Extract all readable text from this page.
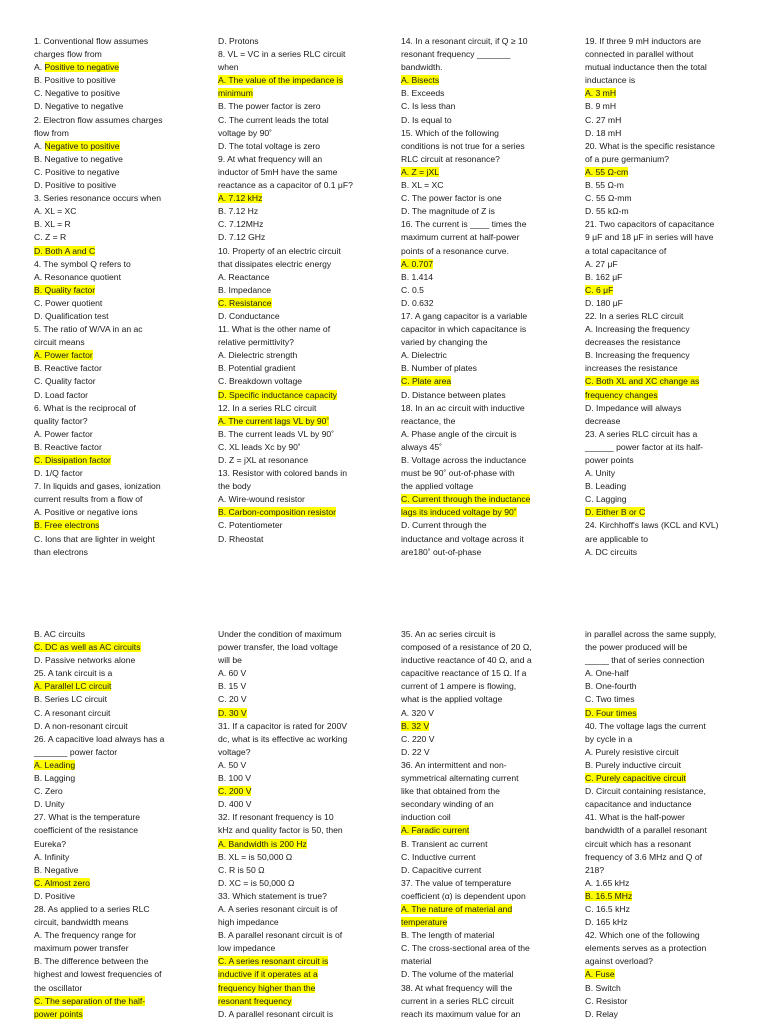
1. Conventional flow assumes
charges flow from
A. Positive to negative
B. Positive to positive
C. Negative to positive
D. Negative to negative
2. Electron flow assumes charges
flow from
A. Negative to positive
B. Negative to negative
C. Positive to negative
D. Positive to positive
3. Series resonance occurs when
A. XL = XC
B. XL = R
C. Z = R
D. Both A and C
4. The symbol Q refers to
A. Resonance quotient
B. Quality factor
C. Power quotient
D. Qualification test
5. The ratio of W/VA in an ac
circuit means
A. Power factor
B. Reactive factor
C. Quality factor
D. Load factor
6. What is the reciprocal of
quality factor?
A. Power factor
B. Reactive factor
C. Dissipation factor
D. 1/Q factor
7. In liquids and gases, ionization
current results from a flow of
A. Positive or negative ions
B. Free electrons
C. Ions that are lighter in weight
than electrons
D. Protons
8. VL = VC in a series RLC circuit
when
A. The value of the impedance is
minimum
B. The power factor is zero
C. The current leads the total
voltage by 90˚
D. The total voltage is zero
9. At what frequency will an
inductor of 5mH have the same
reactance as a capacitor of 0.1 μF?
A. 7.12 kHz
B. 7.12 Hz
C. 7.12MHz
D. 7.12 GHz
10. Property of an electric circuit
that dissipates electric energy
A. Reactance
B. Impedance
C. Resistance
D. Conductance
11. What is the other name of
relative permittivity?
A. Dielectric strength
B. Potential gradient
C. Breakdown voltage
D. Specific inductance capacity
12. In a series RLC circuit
A. The current lags VL by 90˚
B. The current leads VL by 90˚
C. XL leads Xc by 90˚
D. Z = jXL at resonance
13. Resistor with colored bands in
the body
A. Wire-wound resistor
B. Carbon-composition resistor
C. Potentiometer
D. Rheostat
14. In a resonant circuit, if Q ≥ 10
resonant frequency _______
bandwidth.
A. Bisects
B. Exceeds
C. Is less than
D. Is equal to
15. Which of the following
conditions is not true for a series
RLC circuit at resonance?
A. Z = jXL
B. XL = XC
C. The power factor is one
D. The magnitude of Z is
16. The current is ____ times the
maximum current at half-power
points of a resonance curve.
A. 0.707
B. 1.414
C. 0.5
D. 0.632
17. A gang capacitor is a variable
capacitor in which capacitance is
varied by changing the
A. Dielectric
B. Number of plates
C. Plate area
D. Distance between plates
18. In an ac circuit with inductive
reactance, the
A. Phase angle of the circuit is
always 45˚
B. Voltage across the inductance
must be 90˚ out-of-phase with
the applied voltage
C. Current through the inductance
lags its induced voltage by 90˚
D. Current through the
inductance and voltage across it
are180˚ out-of-phase
19. If three 9 mH inductors are
connected in parallel without
mutual inductance then the total
inductance is
A. 3 mH
B. 9 mH
C. 27 mH
D. 18 mH
20. What is the specific resistance
of a pure germanium?
A. 55 Ω-cm
B. 55 Ω-m
C. 55 Ω-mm
D. 55 kΩ-m
21. Two capacitors of capacitance
9 μF and 18 μF in series will have
a total capacitance of
A. 27 μF
B. 162 μF
C. 6 μF
D. 180 μF
22. In a series RLC circuit
A. Increasing the frequency
decreases the resistance
B. Increasing the frequency
increases the resistance
C. Both XL and XC change as
frequency changes
D. Impedance will always
decrease
23. A series RLC circuit has a
______ power factor at its half-
power points
A. Unity
B. Leading
C. Lagging
D. Either B or C
24. Kirchhoff's laws (KCL and KVL)
are applicable to
A. DC circuits
B. AC circuits
C. DC as well as AC circuits
D. Passive networks alone
25. A tank circuit is a
A. Parallel LC circuit
B. Series LC circuit
C. A resonant circuit
D. A non-resonant circuit
26. A capacitive load always has a
_______ power factor
A. Leading
B. Lagging
C. Zero
D. Unity
27. What is the temperature
coefficient of the resistance
Eureka?
A. Infinity
B. Negative
C. Almost zero
D. Positive
28. As applied to a series RLC
circuit, bandwidth means
A. The frequency range for
maximum power transfer
B. The difference between the
highest and lowest frequencies of
the oscillator
C. The separation of the half-
power points
Under the condition of maximum
power transfer, the load voltage
will be
A. 60 V
B. 15 V
C. 20 V
D. 30 V
31. If a capacitor is rated for 200V
dc, what is its effective ac working
voltage?
A. 50 V
B. 100 V
C. 200 V
D. 400 V
32. If resonant frequency is 10
kHz and quality factor is 50, then
A. Bandwidth is 200 Hz
B. XL = is 50,000 Ω
C. R is 50 Ω
D. XC = is 50,000 Ω
33. Which statement is true?
A. A series resonant circuit is of
high impedance
B. A parallel resonant circuit is of
low impedance
C. A series resonant circuit is
inductive if it operates at a
frequency higher than the
resonant frequency
D. A parallel resonant circuit is
35. An ac series circuit is
composed of a resistance of 20 Ω,
inductive reactance of 40 Ω, and a
capacitive reactance of 15 Ω. If a
current of 1 ampere is flowing,
what is the applied voltage
A. 320 V
B. 32 V
C. 220 V
D. 22 V
36. An intermittent and non-
symmetrical alternating current
like that obtained from the
secondary winding of an
induction coil
A. Faradic current
B. Transient ac current
C. Inductive current
D. Capacitive current
37. The value of temperature
coefficient (α) is dependent upon
A. The nature of material and
temperature
B. The length of material
C. The cross-sectional area of the
material
D. The volume of the material
38. At what frequency will the
current in a series RLC circuit
reach its maximum value for an
in parallel across the same supply,
the power produced will be
_____ that of series connection
A. One-half
B. One-fourth
C. Two times
D. Four times
40. The voltage lags the current
by cycle in a
A. Purely resistive circuit
B. Purely inductive circuit
C. Purely capacitive circuit
D. Circuit containing resistance,
capacitance and inductance
41. What is the half-power
bandwidth of a parallel resonant
circuit which has a resonant
frequency of 3.6 MHz and Q of
218?
A. 1.65 kHz
B. 16.5 MHz
C. 16.5 kHz
D. 165 kHz
42. Which one of the following
elements serves as a protection
against overload?
A. Fuse
B. Switch
C. Resistor
D. Relay
